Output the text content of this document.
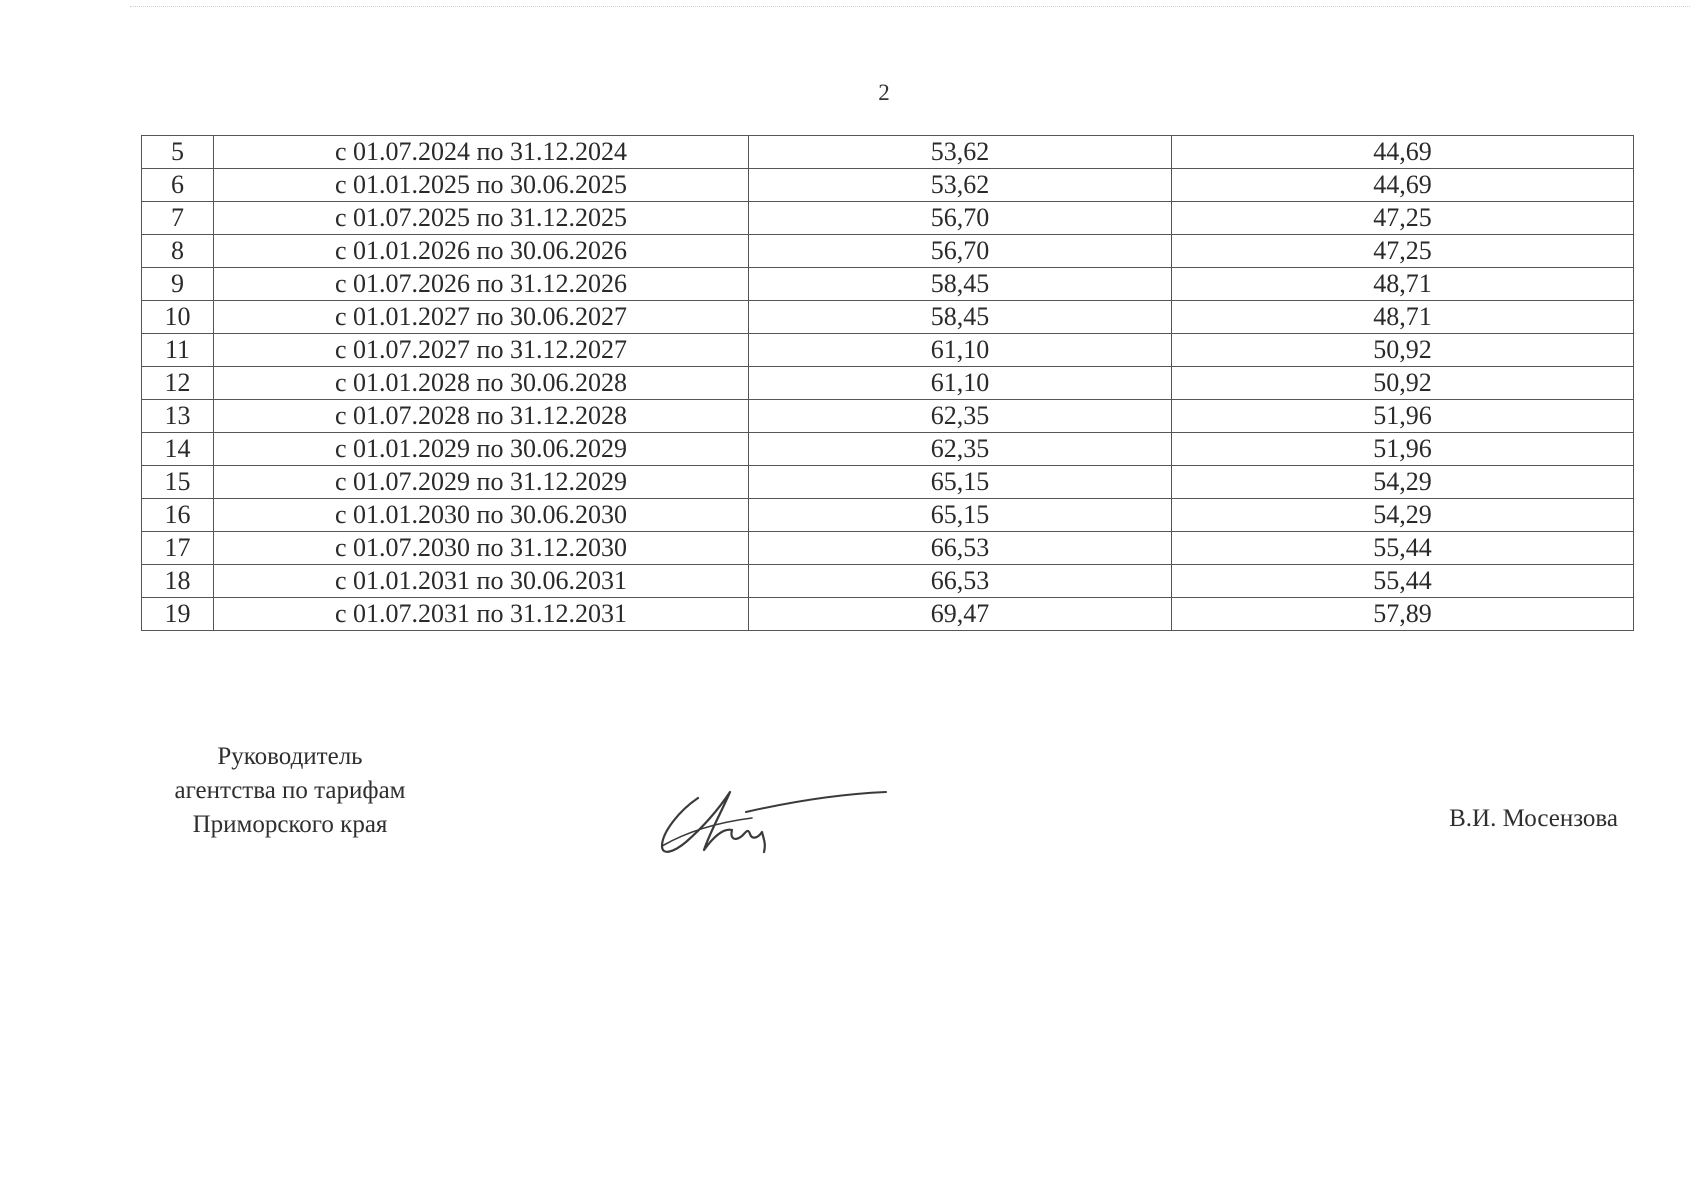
2
5	с 01.07.2024 по 31.12.2024	53,62	44,69
6	с 01.01.2025 по 30.06.2025	53,62	44,69
7	с 01.07.2025 по 31.12.2025	56,70	47,25
8	с 01.01.2026 по 30.06.2026	56,70	47,25
9	с 01.07.2026 по 31.12.2026	58,45	48,71
10	с 01.01.2027 по 30.06.2027	58,45	48,71
11	с 01.07.2027 по 31.12.2027	61,10	50,92
12	с 01.01.2028 по 30.06.2028	61,10	50,92
13	с 01.07.2028 по 31.12.2028	62,35	51,96
14	с 01.01.2029 по 30.06.2029	62,35	51,96
15	с 01.07.2029 по 31.12.2029	65,15	54,29
16	с 01.01.2030 по 30.06.2030	65,15	54,29
17	с 01.07.2030 по 31.12.2030	66,53	55,44
18	с 01.01.2031 по 30.06.2031	66,53	55,44
19	с 01.07.2031 по 31.12.2031	69,47	57,89
Руководитель
агентства по тарифам
Приморского края	В.И. Мосензова
